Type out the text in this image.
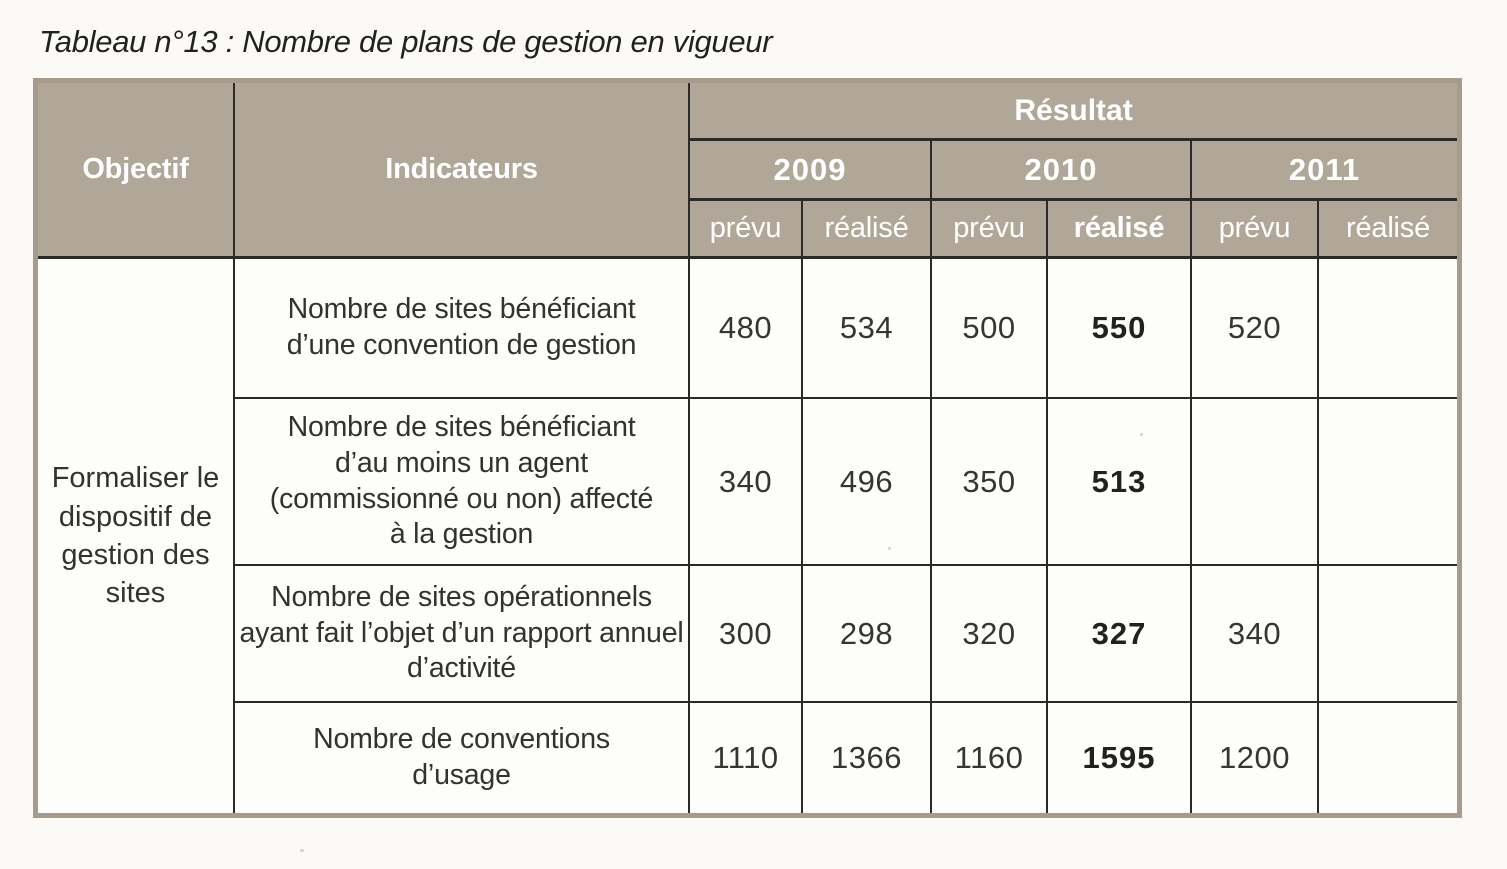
Tableau n°13 : Nombre de plans de gestion en vigueur
Objectif	Indicateurs	Résultat					
		2009		2010		2011	
		prévu	réalisé	prévu	réalisé	prévu	réalisé

Formaliser le dispositif de gestion des sites	Nombre de sites bénéficiant d’une convention de gestion	480	534	500	550	520	

	Nombre de sites bénéficiant d’au moins un agent (commissionné ou non) affecté à la gestion	340	496	350	513		

	Nombre de sites opérationnels ayant fait l’objet d’un rapport annuel d’activité	300	298	320	327	340	

	Nombre de conventions d’usage	1110	1366	1160	1595	1200	
